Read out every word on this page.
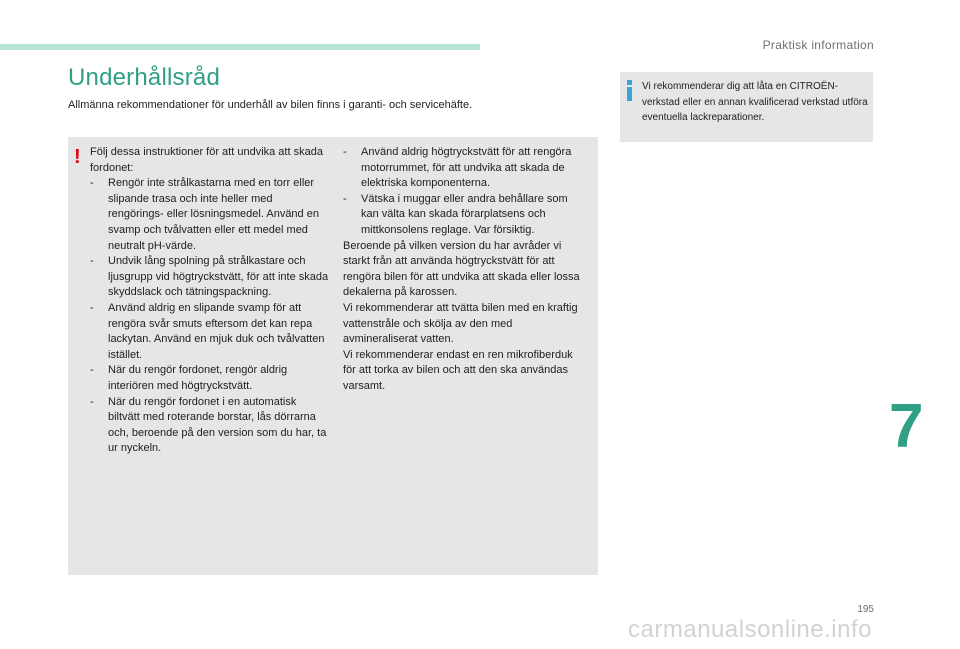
Praktisk information
Underhållsråd
Allmänna rekommendationer för underhåll av bilen finns i garanti- och servicehäfte.
! Följ dessa instruktioner för att undvika att skada fordonet:

-	Rengör inte strålkastarna med en torr eller slipande trasa och inte heller med rengörings- eller lösningsmedel. Använd en svamp och tvålvatten eller ett medel med neutralt pH-värde.
-	Undvik lång spolning på strålkastare och ljusgrupp vid högtryckstvätt, för att inte skada skyddslack och tätningspackning.
-	Använd aldrig en slipande svamp för att rengöra svår smuts eftersom det kan repa lackytan. Använd en mjuk duk och tvålvatten istället.
-	När du rengör fordonet, rengör aldrig interiören med högtryckstvätt.
-	När du rengör fordonet i en automatisk biltvätt med roterande borstar, lås dörrarna och, beroende på den version som du har, ta ur nyckeln.
-	Använd aldrig högtryckstvätt för att rengöra motorrummet, för att undvika att skada de elektriska komponenterna.
-	Vätska i muggar eller andra behållare som kan välta kan skada förarplatsens och mittkonsolens reglage. Var försiktig.

Beroende på vilken version du har avråder vi starkt från att använda högtryckstvätt för att rengöra bilen för att undvika att skada eller lossa dekalerna på karossen.

Vi rekommenderar att tvätta bilen med en kraftig vattenstråle och skölja av den med avmineraliserat vatten.

Vi rekommenderar endast en ren mikrofiberduk för att torka av bilen och att den ska användas varsamt.

Vi rekommenderar dig att låta en CITROËN-verkstad eller en annan kvalificerad verkstad utföra eventuella lackreparationer.
7
195
carmanualsonline.info
